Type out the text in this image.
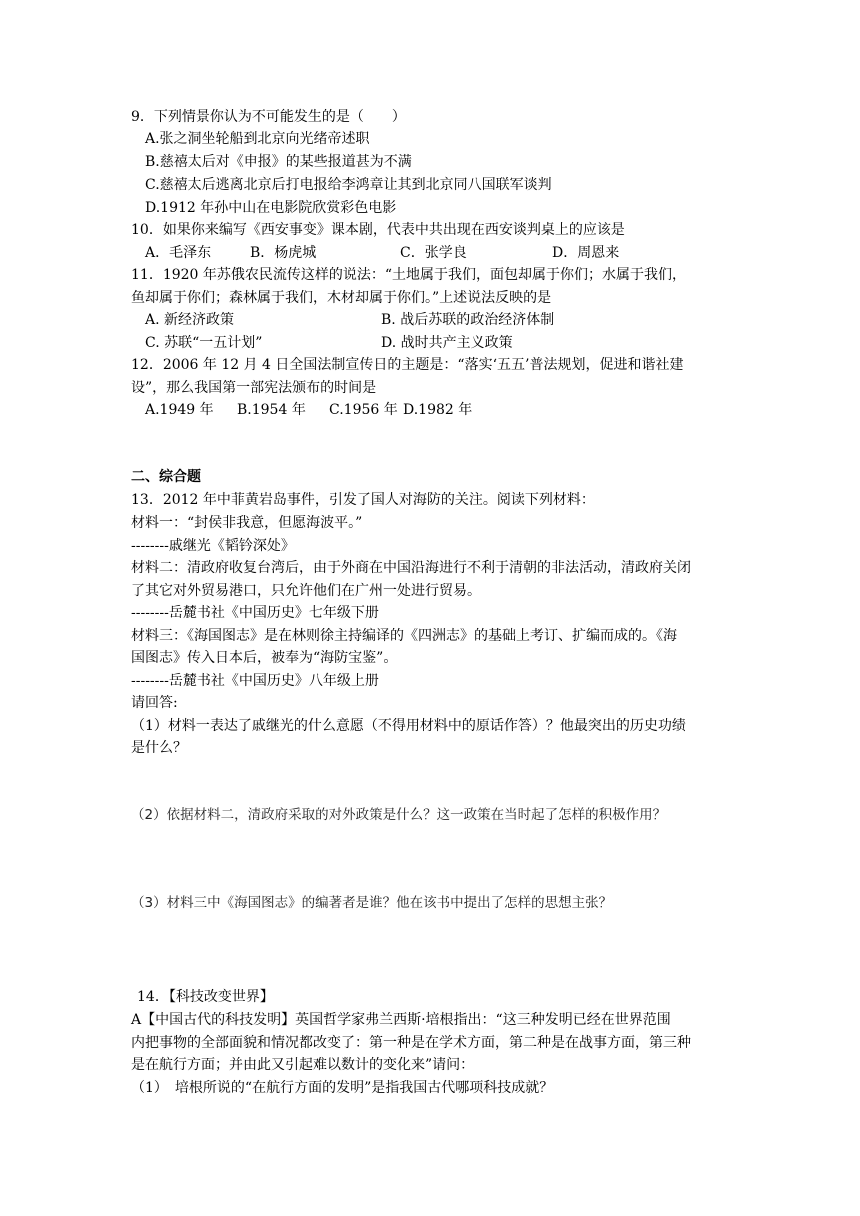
9．下列情景你认为不可能发生的是（　　）
A.张之洞坐轮船到北京向光绪帝述职
B.慈禧太后对《申报》的某些报道甚为不满
C.慈禧太后逃离北京后打电报给李鸿章让其到北京同八国联军谈判
D.1912 年孙中山在电影院欣赏彩色电影
10．如果你来编写《西安事变》课本剧，代表中共出现在西安谈判桌上的应该是
A．毛泽东	B．杨虎城	C．张学良	D．周恩来
11．1920 年苏俄农民流传这样的说法：“土地属于我们，面包却属于你们；水属于我们，
鱼却属于你们；森林属于我们，木材却属于你们。”上述说法反映的是
A. 新经济政策	B. 战后苏联的政治经济体制
C. 苏联“一五计划”	D. 战时共产主义政策
12．2006 年 12 月 4 日全国法制宣传日的主题是：“落实‘五五’普法规划，促进和谐社建
设”，那么我国第一部宪法颁布的时间是
A.1949 年 B.1954 年 C.1956 年 D.1982 年
二、综合题
13．2012 年中菲黄岩岛事件，引发了国人对海防的关注。阅读下列材料：
材料一：“封侯非我意，但愿海波平。”
--------戚继光《韬钤深处》
材料二：清政府收复台湾后，由于外商在中国沿海进行不利于清朝的非法活动，清政府关闭
了其它对外贸易港口，只允许他们在广州一处进行贸易。
--------岳麓书社《中国历史》七年级下册
材料三：《海国图志》是在林则徐主持编译的《四洲志》的基础上考订、扩编而成的。《海
国图志》传入日本后，被奉为“海防宝鉴”。
--------岳麓书社《中国历史》八年级上册
请回答:
（1）材料一表达了戚继光的什么意愿（不得用材料中的原话作答）？他最突出的历史功绩
是什么？
（2）依据材料二，清政府采取的对外政策是什么？这一政策在当时起了怎样的积极作用？
（3）材料三中《海国图志》的编著者是谁？他在该书中提出了怎样的思想主张？
14．【科技改变世界】
A【中国古代的科技发明】英国哲学家弗兰西斯·培根指出：“这三种发明已经在世界范围
内把事物的全部面貌和情况都改变了：第一种是在学术方面，第二种是在战事方面，第三种
是在航行方面；并由此又引起难以数计的变化来”请问：
（1）　培根所说的“在航行方面的发明”是指我国古代哪项科技成就？
